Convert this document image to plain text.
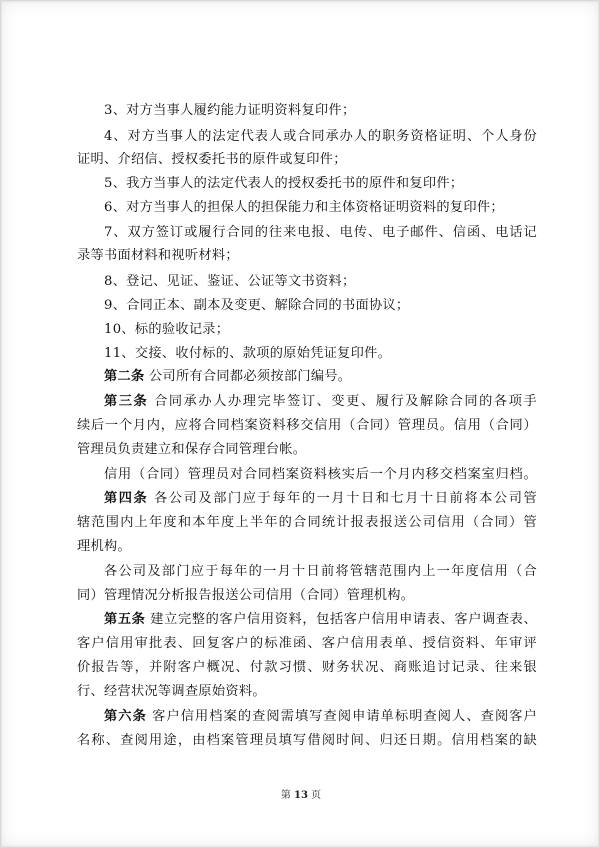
3、对方当事人履约能力证明资料复印件；
4、对方当事人的法定代表人或合同承办人的职务资格证明、个人身份
证明、介绍信、授权委托书的原件或复印件；
5、我方当事人的法定代表人的授权委托书的原件和复印件；
6、对方当事人的担保人的担保能力和主体资格证明资料的复印件；
7、双方签订或履行合同的往来电报、电传、电子邮件、信函、电话记
录等书面材料和视听材料；
8、登记、见证、鉴证、公证等文书资料；
9、合同正本、副本及变更、解除合同的书面协议；
10、标的验收记录；
11、交接、收付标的、款项的原始凭证复印件。
第二条 公司所有合同都必须按部门编号。
第三条 合同承办人办理完毕签订、变更、履行及解除合同的各项手
续后一个月内，应将合同档案资料移交信用（合同）管理员。信用（合同）
管理员负责建立和保存合同管理台帐。
信用（合同）管理员对合同档案资料核实后一个月内移交档案室归档。
第四条 各公司及部门应于每年的一月十日和七月十日前将本公司管
辖范围内上年度和本年度上半年的合同统计报表报送公司信用（合同）管
理机构。
各公司及部门应于每年的一月十日前将管辖范围内上一年度信用（合
同）管理情况分析报告报送公司信用（合同）管理机构。
第五条 建立完整的客户信用资料，包括客户信用申请表、客户调查表、
客户信用审批表、回复客户的标准函、客户信用表单、授信资料、年审评
价报告等，并附客户概况、付款习惯、财务状况、商账追讨记录、往来银
行、经营状况等调查原始资料。
第六条 客户信用档案的查阅需填写查阅申请单标明查阅人、查阅客户
名称、查阅用途，由档案管理员填写借阅时间、归还日期。信用档案的缺
第 13 页
